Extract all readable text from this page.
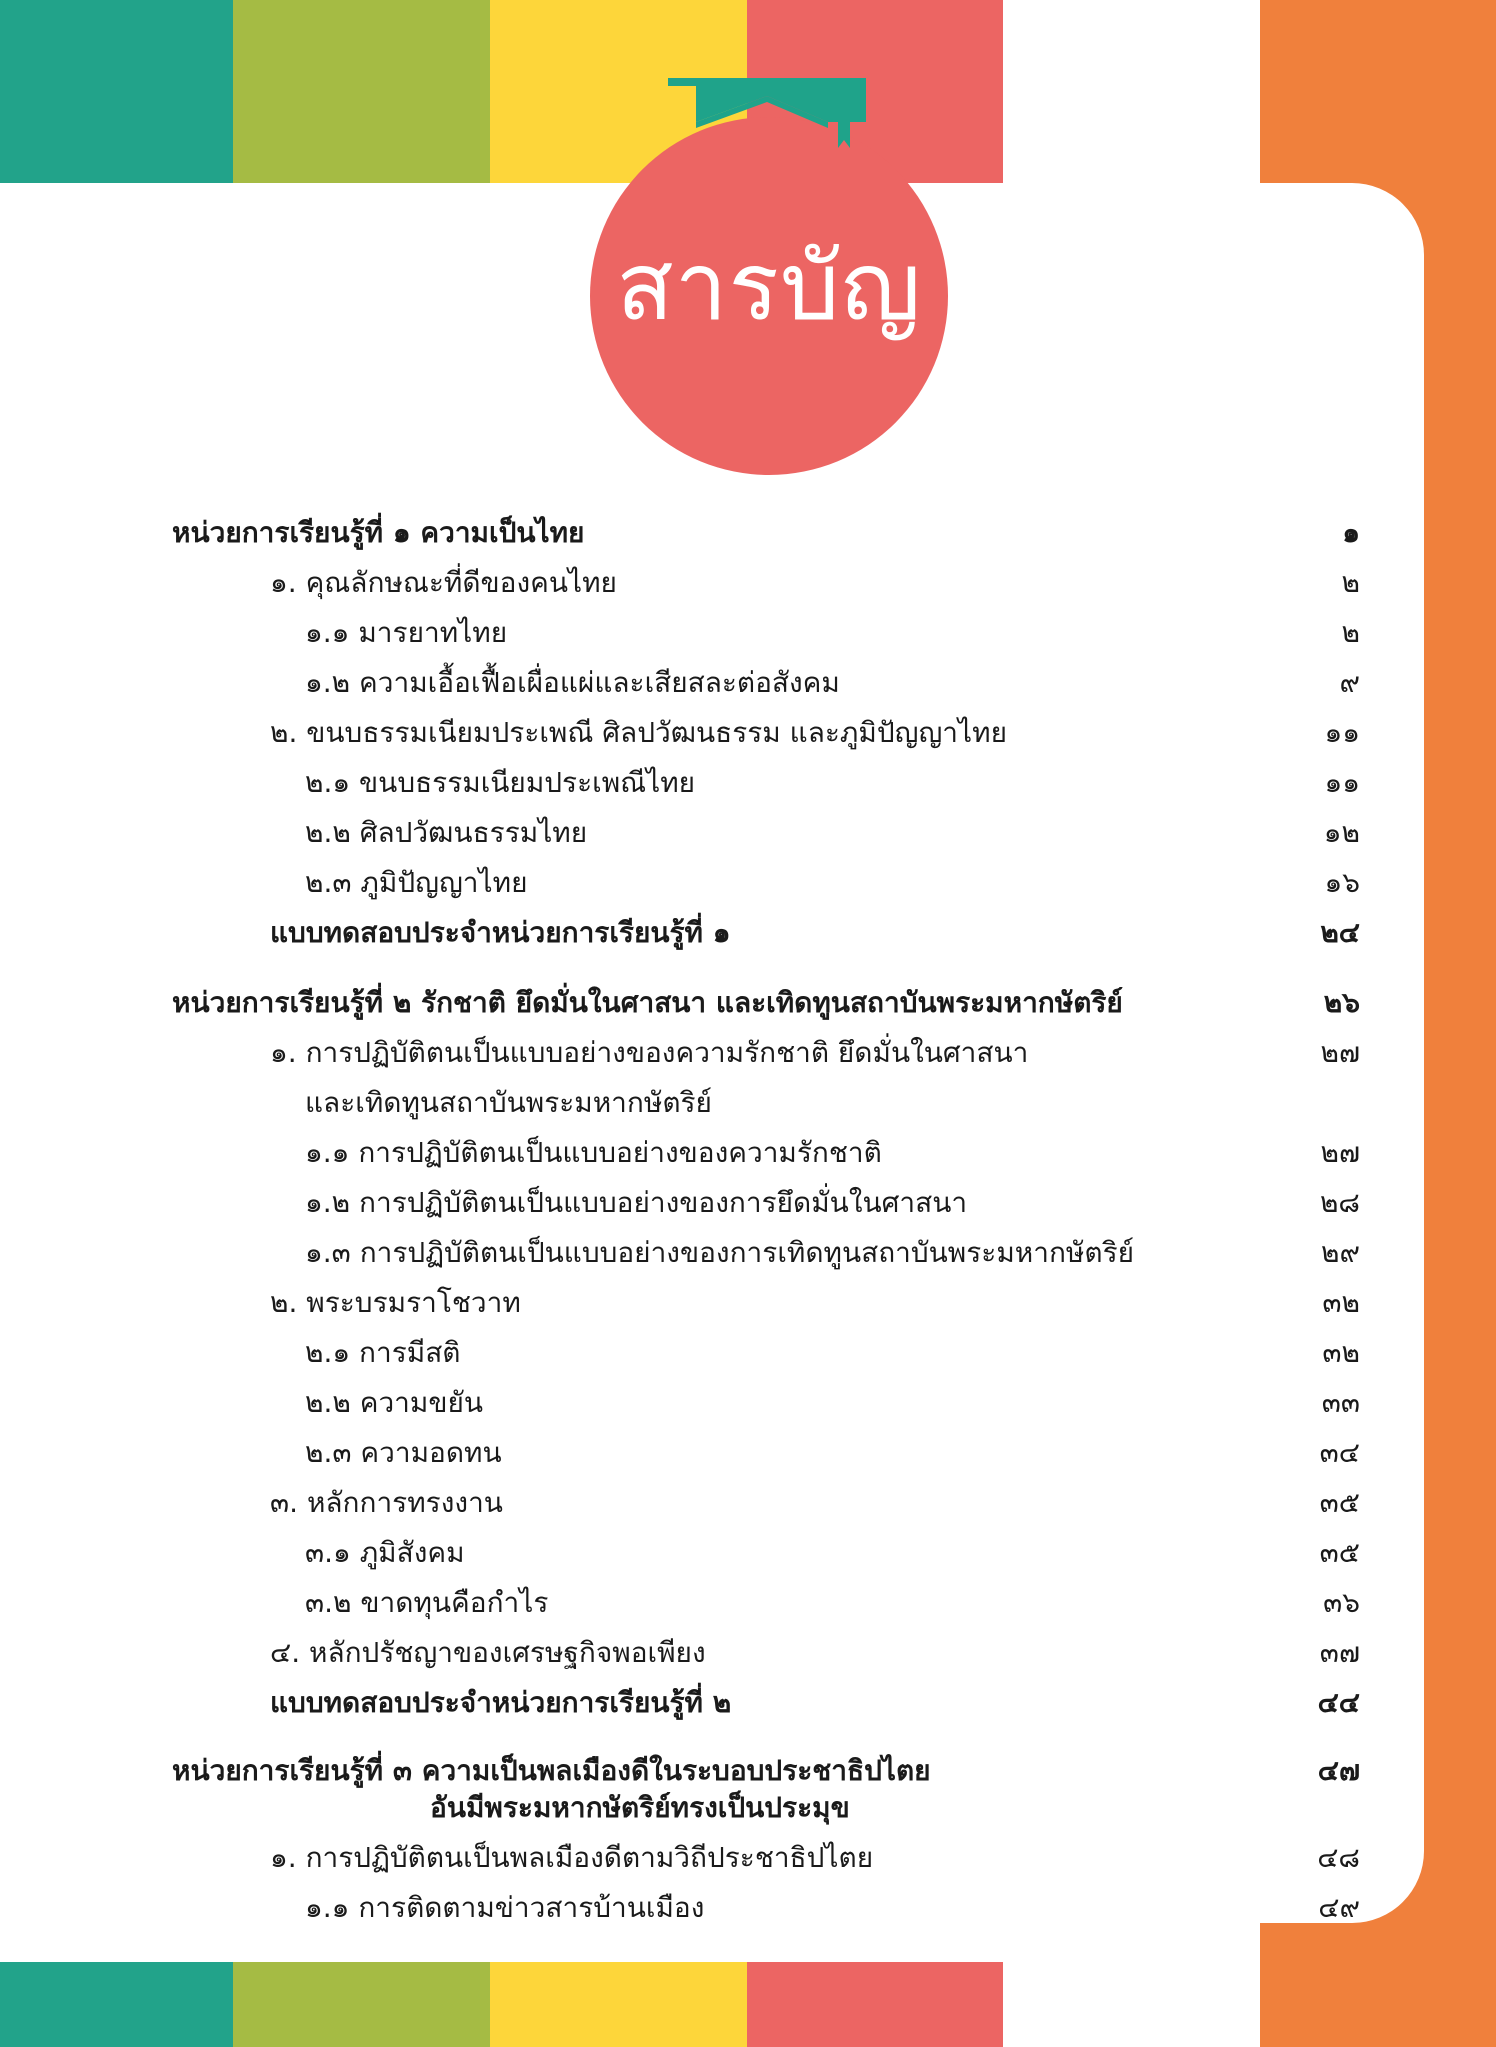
สารบัญ
หน่วยการเรียนรู้ที่ ๑ ความเป็นไทย	๑
๑. คุณลักษณะที่ดีของคนไทย	๒
๑.๑ มารยาทไทย	๒
๑.๒ ความเอื้อเฟื้อเผื่อแผ่และเสียสละต่อสังคม	๙
๒. ขนบธรรมเนียมประเพณี ศิลปวัฒนธรรม และภูมิปัญญาไทย	๑๑
๒.๑ ขนบธรรมเนียมประเพณีไทย	๑๑
๒.๒ ศิลปวัฒนธรรมไทย	๑๒
๒.๓ ภูมิปัญญาไทย	๑๖
แบบทดสอบประจำหน่วยการเรียนรู้ที่ ๑	๒๔
หน่วยการเรียนรู้ที่ ๒ รักชาติ ยึดมั่นในศาสนา และเทิดทูนสถาบันพระมหากษัตริย์	๒๖
๑. การปฏิบัติตนเป็นแบบอย่างของความรักชาติ ยึดมั่นในศาสนา	๒๗
และเทิดทูนสถาบันพระมหากษัตริย์
๑.๑ การปฏิบัติตนเป็นแบบอย่างของความรักชาติ	๒๗
๑.๒ การปฏิบัติตนเป็นแบบอย่างของการยึดมั่นในศาสนา	๒๘
๑.๓ การปฏิบัติตนเป็นแบบอย่างของการเทิดทูนสถาบันพระมหากษัตริย์	๒๙
๒. พระบรมราโชวาท	๓๒
๒.๑ การมีสติ	๓๒
๒.๒ ความขยัน	๓๓
๒.๓ ความอดทน	๓๔
๓. หลักการทรงงาน	๓๕
๓.๑ ภูมิสังคม	๓๕
๓.๒ ขาดทุนคือกำไร	๓๖
๔. หลักปรัชญาของเศรษฐกิจพอเพียง	๓๗
แบบทดสอบประจำหน่วยการเรียนรู้ที่ ๒	๔๔
หน่วยการเรียนรู้ที่ ๓ ความเป็นพลเมืองดีในระบอบประชาธิปไตย	๔๗
อันมีพระมหากษัตริย์ทรงเป็นประมุข
๑. การปฏิบัติตนเป็นพลเมืองดีตามวิถีประชาธิปไตย	๔๘
๑.๑ การติดตามข่าวสารบ้านเมือง	๔๙
